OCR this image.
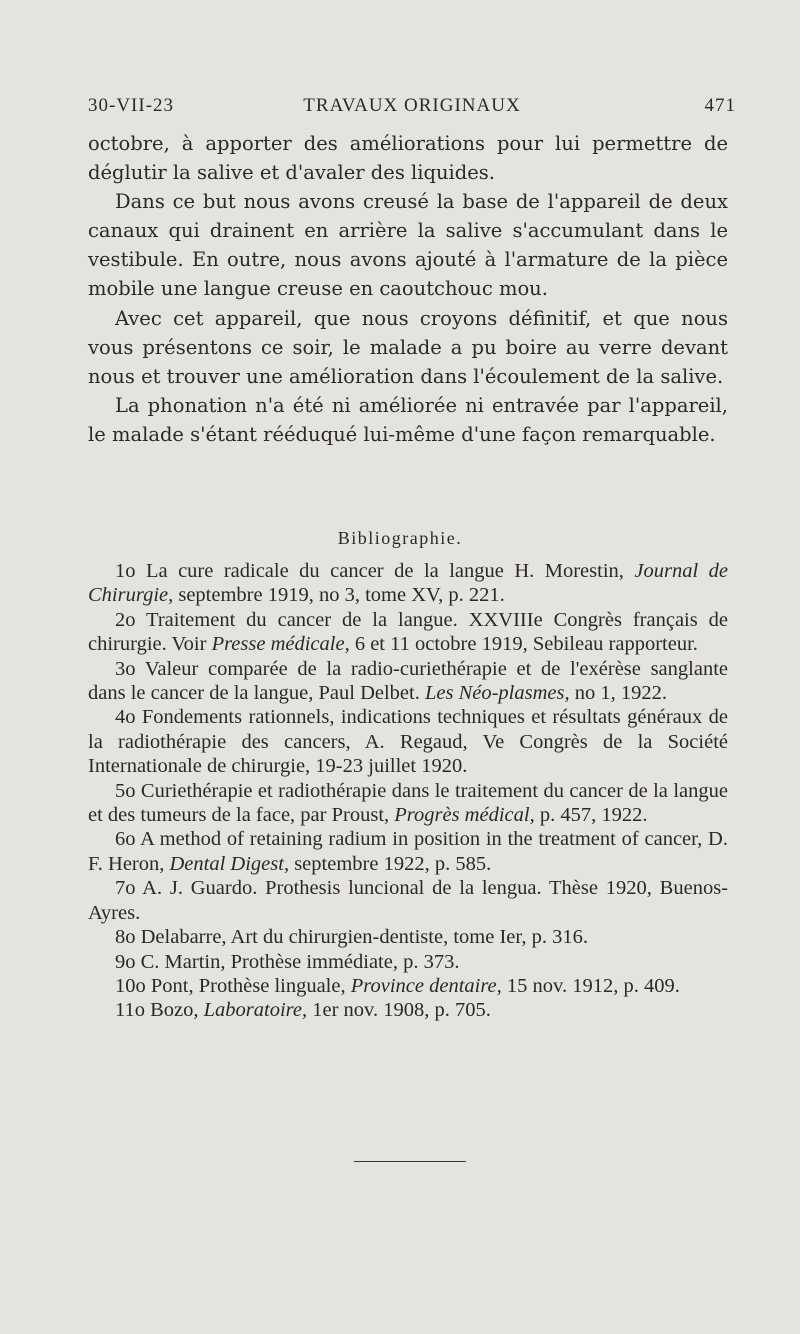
30-VII-23	TRAVAUX ORIGINAUX	471

octobre, à apporter des améliorations pour lui permettre de déglutir la salive et d'avaler des liquides.

Dans ce but nous avons creusé la base de l'appareil de deux canaux qui drainent en arrière la salive s'accumulant dans le vestibule. En outre, nous avons ajouté à l'armature de la pièce mobile une langue creuse en caoutchouc mou.

Avec cet appareil, que nous croyons définitif, et que nous vous présentons ce soir, le malade a pu boire au verre devant nous et trouver une amélioration dans l'écoulement de la salive.

La phonation n'a été ni améliorée ni entravée par l'appareil, le malade s'étant rééduqué lui-même d'une façon remarquable.

Bibliographie.

1o La cure radicale du cancer de la langue H. Morestin, Journal de Chirurgie, septembre 1919, no 3, tome XV, p. 221.

2o Traitement du cancer de la langue. XXVIIIe Congrès français de chirurgie. Voir Presse médicale, 6 et 11 octobre 1919, Sebileau rapporteur.

3o Valeur comparée de la radio-curiethérapie et de l'exérèse sanglante dans le cancer de la langue, Paul Delbet. Les Néo-plasmes, no 1, 1922.

4o Fondements rationnels, indications techniques et résultats généraux de la radiothérapie des cancers, A. Regaud, Ve Congrès de la Société Internationale de chirurgie, 19-23 juillet 1920.

5o Curiethérapie et radiothérapie dans le traitement du cancer de la langue et des tumeurs de la face, par Proust, Progrès médical, p. 457, 1922.

6o A method of retaining radium in position in the treatment of cancer, D. F. Heron, Dental Digest, septembre 1922, p. 585.

7o A. J. Guardo. Prothesis luncional de la lengua. Thèse 1920, Buenos-Ayres.

8o Delabarre, Art du chirurgien-dentiste, tome Ier, p. 316.

9o C. Martin, Prothèse immédiate, p. 373.

10o Pont, Prothèse linguale, Province dentaire, 15 nov. 1912, p. 409.

11o Bozo, Laboratoire, 1er nov. 1908, p. 705.
